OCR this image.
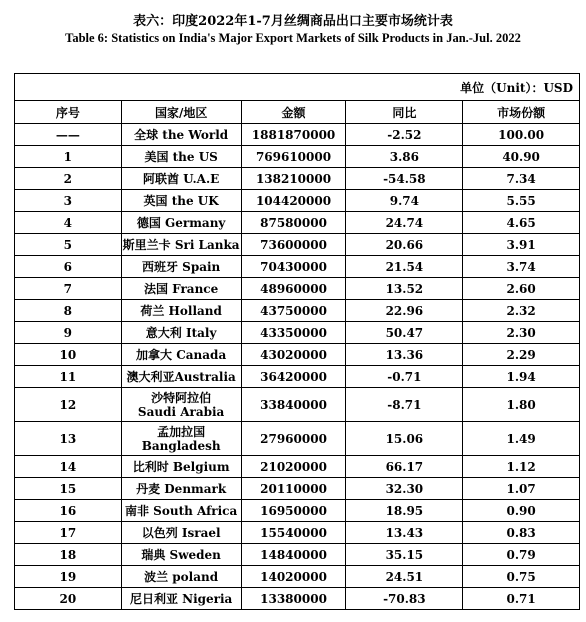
表六：印度2022年1-7月丝绸商品出口主要市场统计表
Table 6: Statistics on India's Major Export Markets of Silk Products in Jan.-Jul. 2022
单位（Unit）：USD				
序号	国家/地区	金额	同比	市场份额
——	全球 the World	1881870000	-2.52	100.00
1	美国 the US	769610000	3.86	40.90
2	阿联酋 U.A.E	138210000	-54.58	7.34
3	英国 the UK	104420000	9.74	5.55
4	德国 Germany	87580000	24.74	4.65
5	斯里兰卡 Sri Lanka	73600000	20.66	3.91
6	西班牙 Spain	70430000	21.54	3.74
7	法国 France	48960000	13.52	2.60
8	荷兰 Holland	43750000	22.96	2.32
9	意大利 Italy	43350000	50.47	2.30
10	加拿大 Canada	43020000	13.36	2.29
11	澳大利亚Australia	36420000	-0.71	1.94
12	沙特阿拉伯
Saudi Arabia	33840000	-8.71	1.80
13	孟加拉国
Bangladesh	27960000	15.06	1.49
14	比利时 Belgium	21020000	66.17	1.12
15	丹麦 Denmark	20110000	32.30	1.07
16	南非 South Africa	16950000	18.95	0.90
17	以色列 Israel	15540000	13.43	0.83
18	瑞典 Sweden	14840000	35.15	0.79
19	波兰 poland	14020000	24.51	0.75
20	尼日利亚 Nigeria	13380000	-70.83	0.71
